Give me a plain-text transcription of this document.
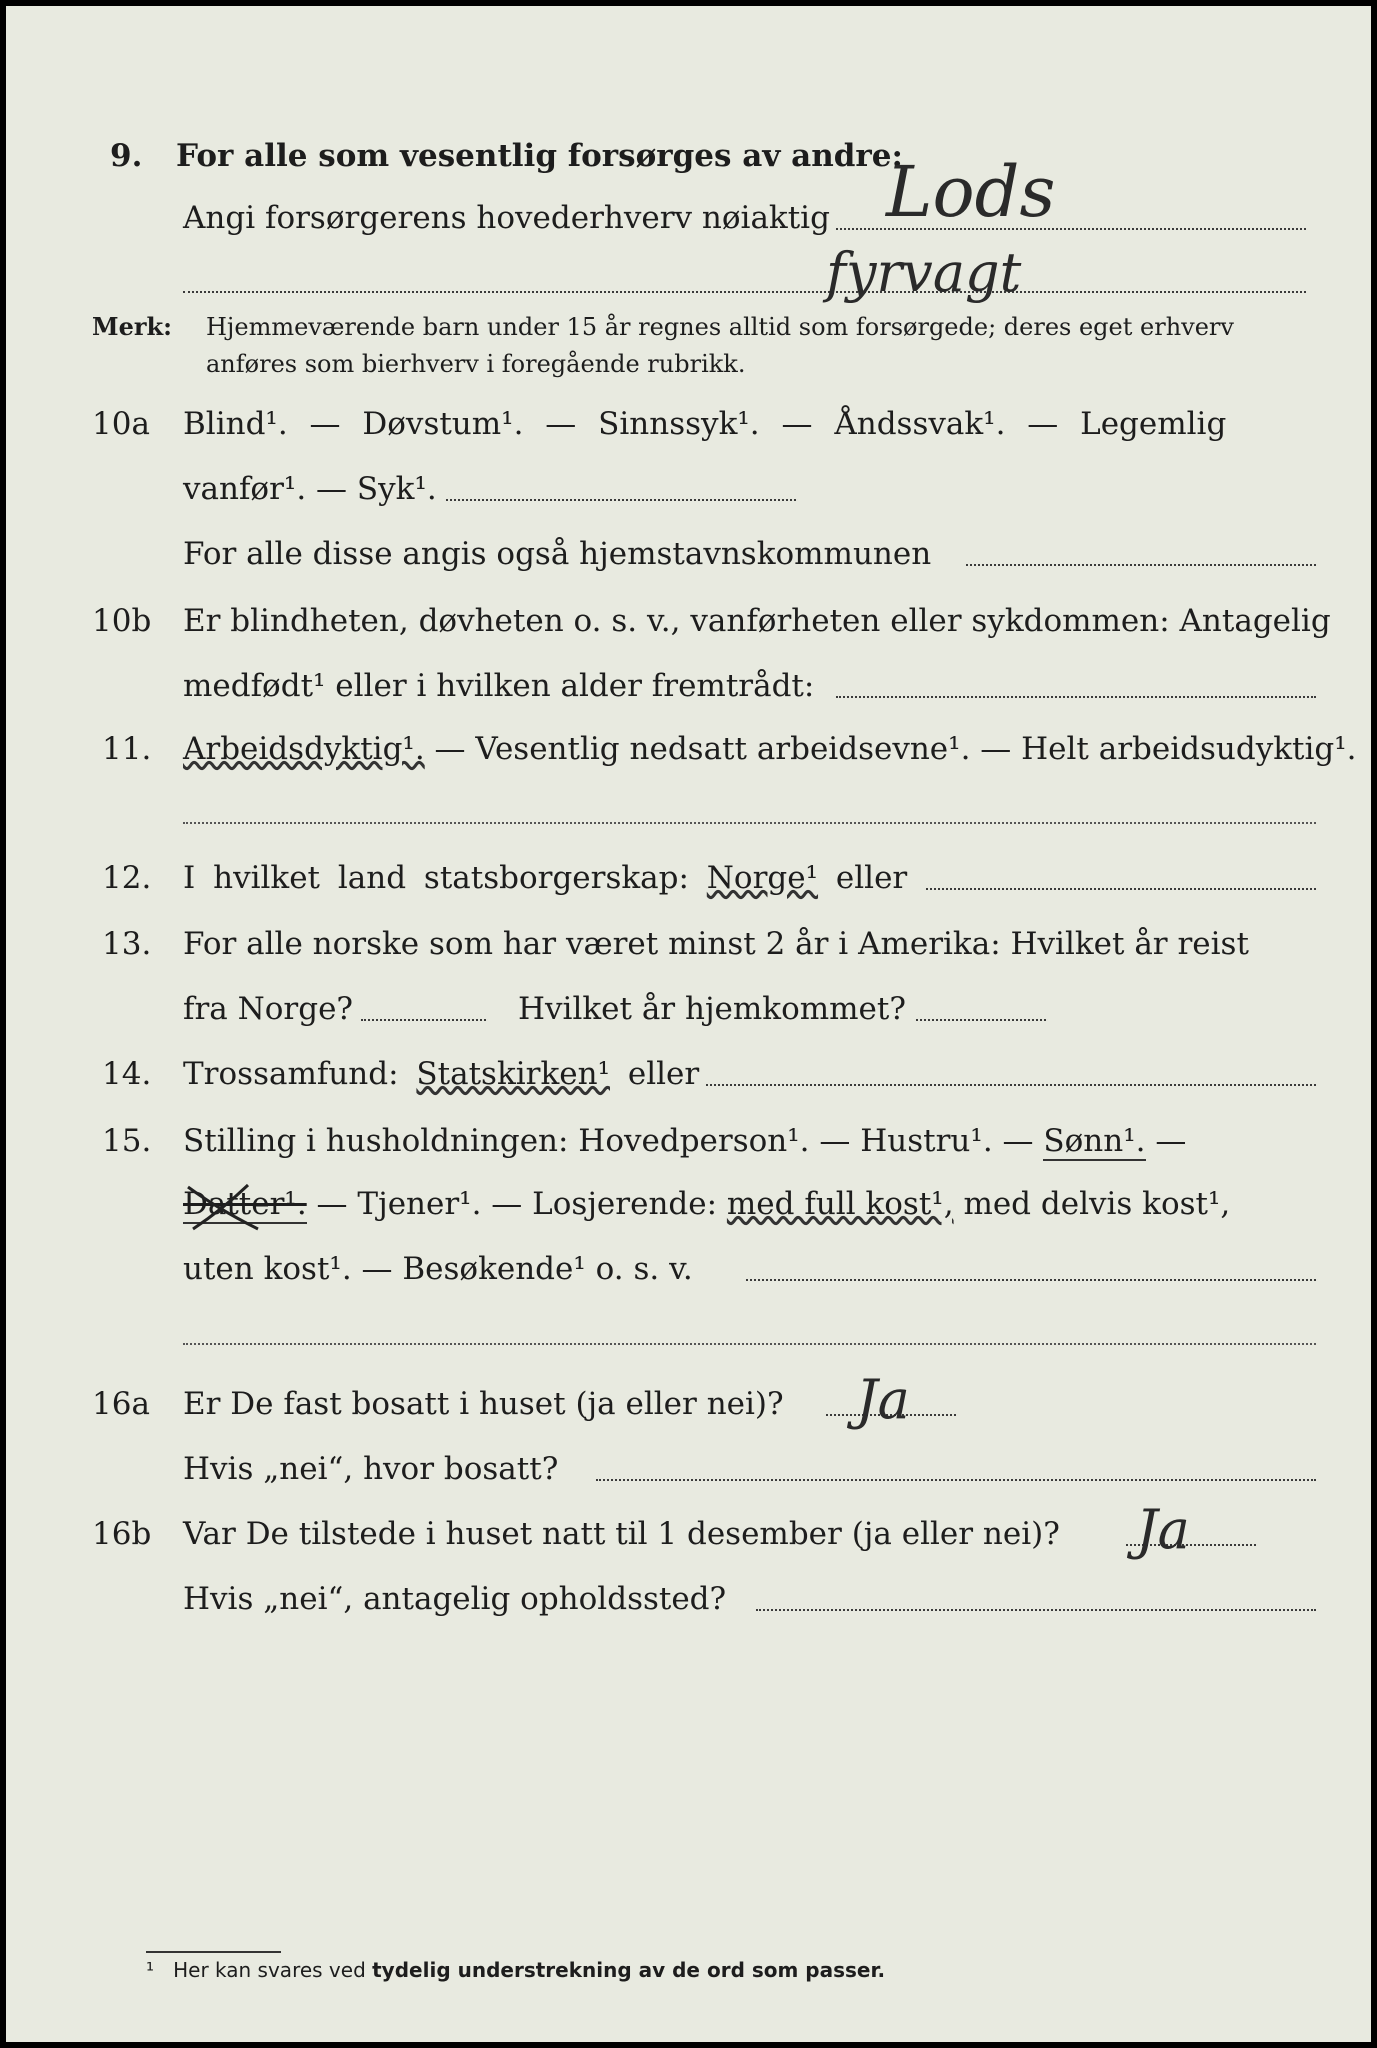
9. For alle som vesentlig forsørges av andre:
Angi forsørgerens hovederhverv nøiaktig Lods
fyrvagt
Merk: Hjemmeværende barn under 15 år regnes alltid som forsørgede; deres eget erhverv
anføres som bierhverv i foregående rubrikk.
10a Blind¹. — Døvstum¹. — Sinnssyk¹. — Åndssvak¹. — Legemlig
vanfør¹. — Syk¹.
For alle disse angis også hjemstavnskommunen
10b Er blindheten, døvheten o. s. v., vanførheten eller sykdommen: Antagelig
medfødt¹ eller i hvilken alder fremtrådt:
11. Arbeidsdyktig¹. — Vesentlig nedsatt arbeidsevne¹. — Helt arbeidsudyktig¹.
12. I hvilket land statsborgerskap: Norge¹ eller
13. For alle norske som har været minst 2 år i Amerika: Hvilket år reist
fra Norge?	Hvilket år hjemkommet?
14. Trossamfund: Statskirken¹ eller
15. Stilling i husholdningen: Hovedperson¹. — Hustru¹. — Sønn¹. —
Datter¹. — Tjener¹. — Losjerende: med full kost¹, med delvis kost¹,
uten kost¹. — Besøkende¹ o. s. v.
16a Er De fast bosatt i huset (ja eller nei)? Ja
Hvis „nei“, hvor bosatt?
16b Var De tilstede i huset natt til 1 desember (ja eller nei)? Ja
Hvis „nei“, antagelig opholdssted?
¹ Her kan svares ved tydelig understrekning av de ord som passer.
